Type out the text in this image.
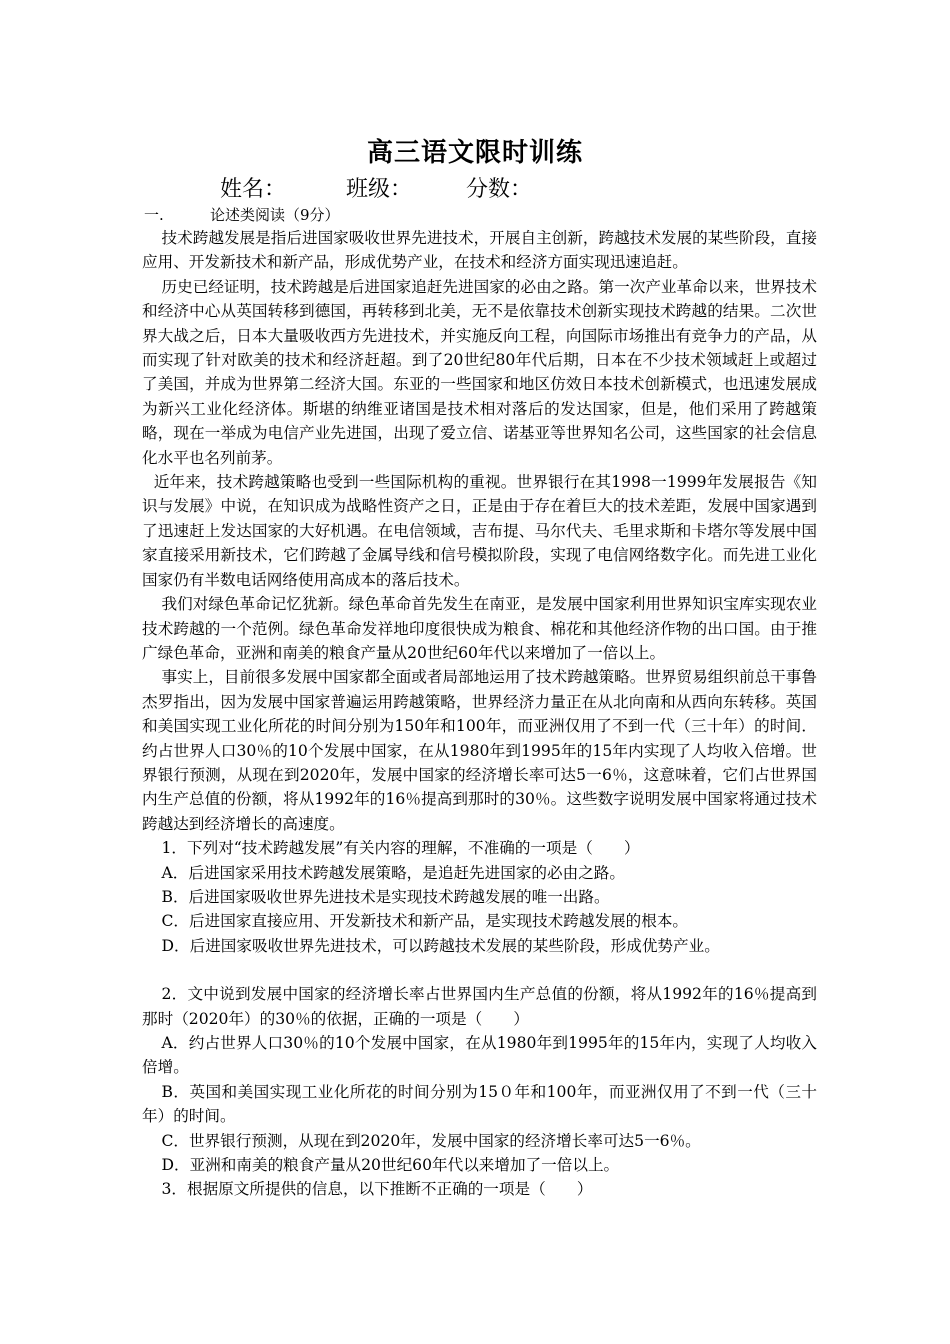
高三语文限时训练
姓名：	班级： 分数：
一.	论述类阅读（9分）

技术跨越发展是指后进国家吸收世界先进技术，开展自主创新，跨越技术发展的某些阶段，直接应用、开发新技术和新产品，形成优势产业，在技术和经济方面实现迅速追赶。

历史已经证明，技术跨越是后进国家追赶先进国家的必由之路。第一次产业革命以来，世界技术和经济中心从英国转移到德国，再转移到北美，无不是依靠技术创新实现技术跨越的结果。二次世界大战之后，日本大量吸收西方先进技术，并实施反向工程，向国际市场推出有竞争力的产品，从而实现了针对欧美的技术和经济赶超。到了20世纪80年代后期，日本在不少技术领域赶上或超过了美国，并成为世界第二经济大国。东亚的一些国家和地区仿效日本技术创新模式，也迅速发展成为新兴工业化经济体。斯堪的纳维亚诸国是技术相对落后的发达国家，但是，他们采用了跨越策略，现在一举成为电信产业先进国，出现了爱立信、诺基亚等世界知名公司，这些国家的社会信息化水平也名列前茅。

近年来，技术跨越策略也受到一些国际机构的重视。世界银行在其1998一1999年发展报告《知识与发展》中说，在知识成为战略性资产之日，正是由于存在着巨大的技术差距，发展中国家遇到了迅速赶上发达国家的大好机遇。在电信领域，吉布提、马尔代夫、毛里求斯和卡塔尔等发展中国家直接采用新技术，它们跨越了金属导线和信号模拟阶段，实现了电信网络数字化。而先进工业化国家仍有半数电话网络使用高成本的落后技术。

我们对绿色革命记忆犹新。绿色革命首先发生在南亚，是发展中国家利用世界知识宝库实现农业技术跨越的一个范例。绿色革命发祥地印度很快成为粮食、棉花和其他经济作物的出口国。由于推广绿色革命，亚洲和南美的粮食产量从20世纪60年代以来增加了一倍以上。

事实上，目前很多发展中国家都全面或者局部地运用了技术跨越策略。世界贸易组织前总干事鲁杰罗指出，因为发展中国家普遍运用跨越策略，世界经济力量正在从北向南和从西向东转移。英国和美国实现工业化所花的时间分别为150年和100年，而亚洲仅用了不到一代（三十年）的时间．约占世界人口30％的10个发展中国家，在从1980年到1995年的15年内实现了人均收入倍增。世界银行预测，从现在到2020年，发展中国家的经济增长率可达5一6％，这意味着，它们占世界国内生产总值的份额，将从1992年的16％提高到那时的30％。这些数字说明发展中国家将通过技术跨越达到经济增长的高速度。

1．下列对“技术跨越发展”有关内容的理解，不准确的一项是（　　）

A．后进国家采用技术跨越发展策略，是追赶先进国家的必由之路。

B．后进国家吸收世界先进技术是实现技术跨越发展的唯一出路。

C．后进国家直接应用、开发新技术和新产品，是实现技术跨越发展的根本。

D．后进国家吸收世界先进技术，可以跨越技术发展的某些阶段，形成优势产业。

2．文中说到发展中国家的经济增长率占世界国内生产总值的份额，将从1992年的16％提高到那时（2020年）的30％的依据，正确的一项是（　　）

A．约占世界人口30％的10个发展中国家，在从1980年到1995年的15年内，实现了人均收入倍增。

B．英国和美国实现工业化所花的时间分别为15０年和100年，而亚洲仅用了不到一代（三十年）的时间。

C．世界银行预测，从现在到2020年，发展中国家的经济增长率可达5一6％。

D．亚洲和南美的粮食产量从20世纪60年代以来增加了一倍以上。

3．根据原文所提供的信息，以下推断不正确的一项是（　　）
